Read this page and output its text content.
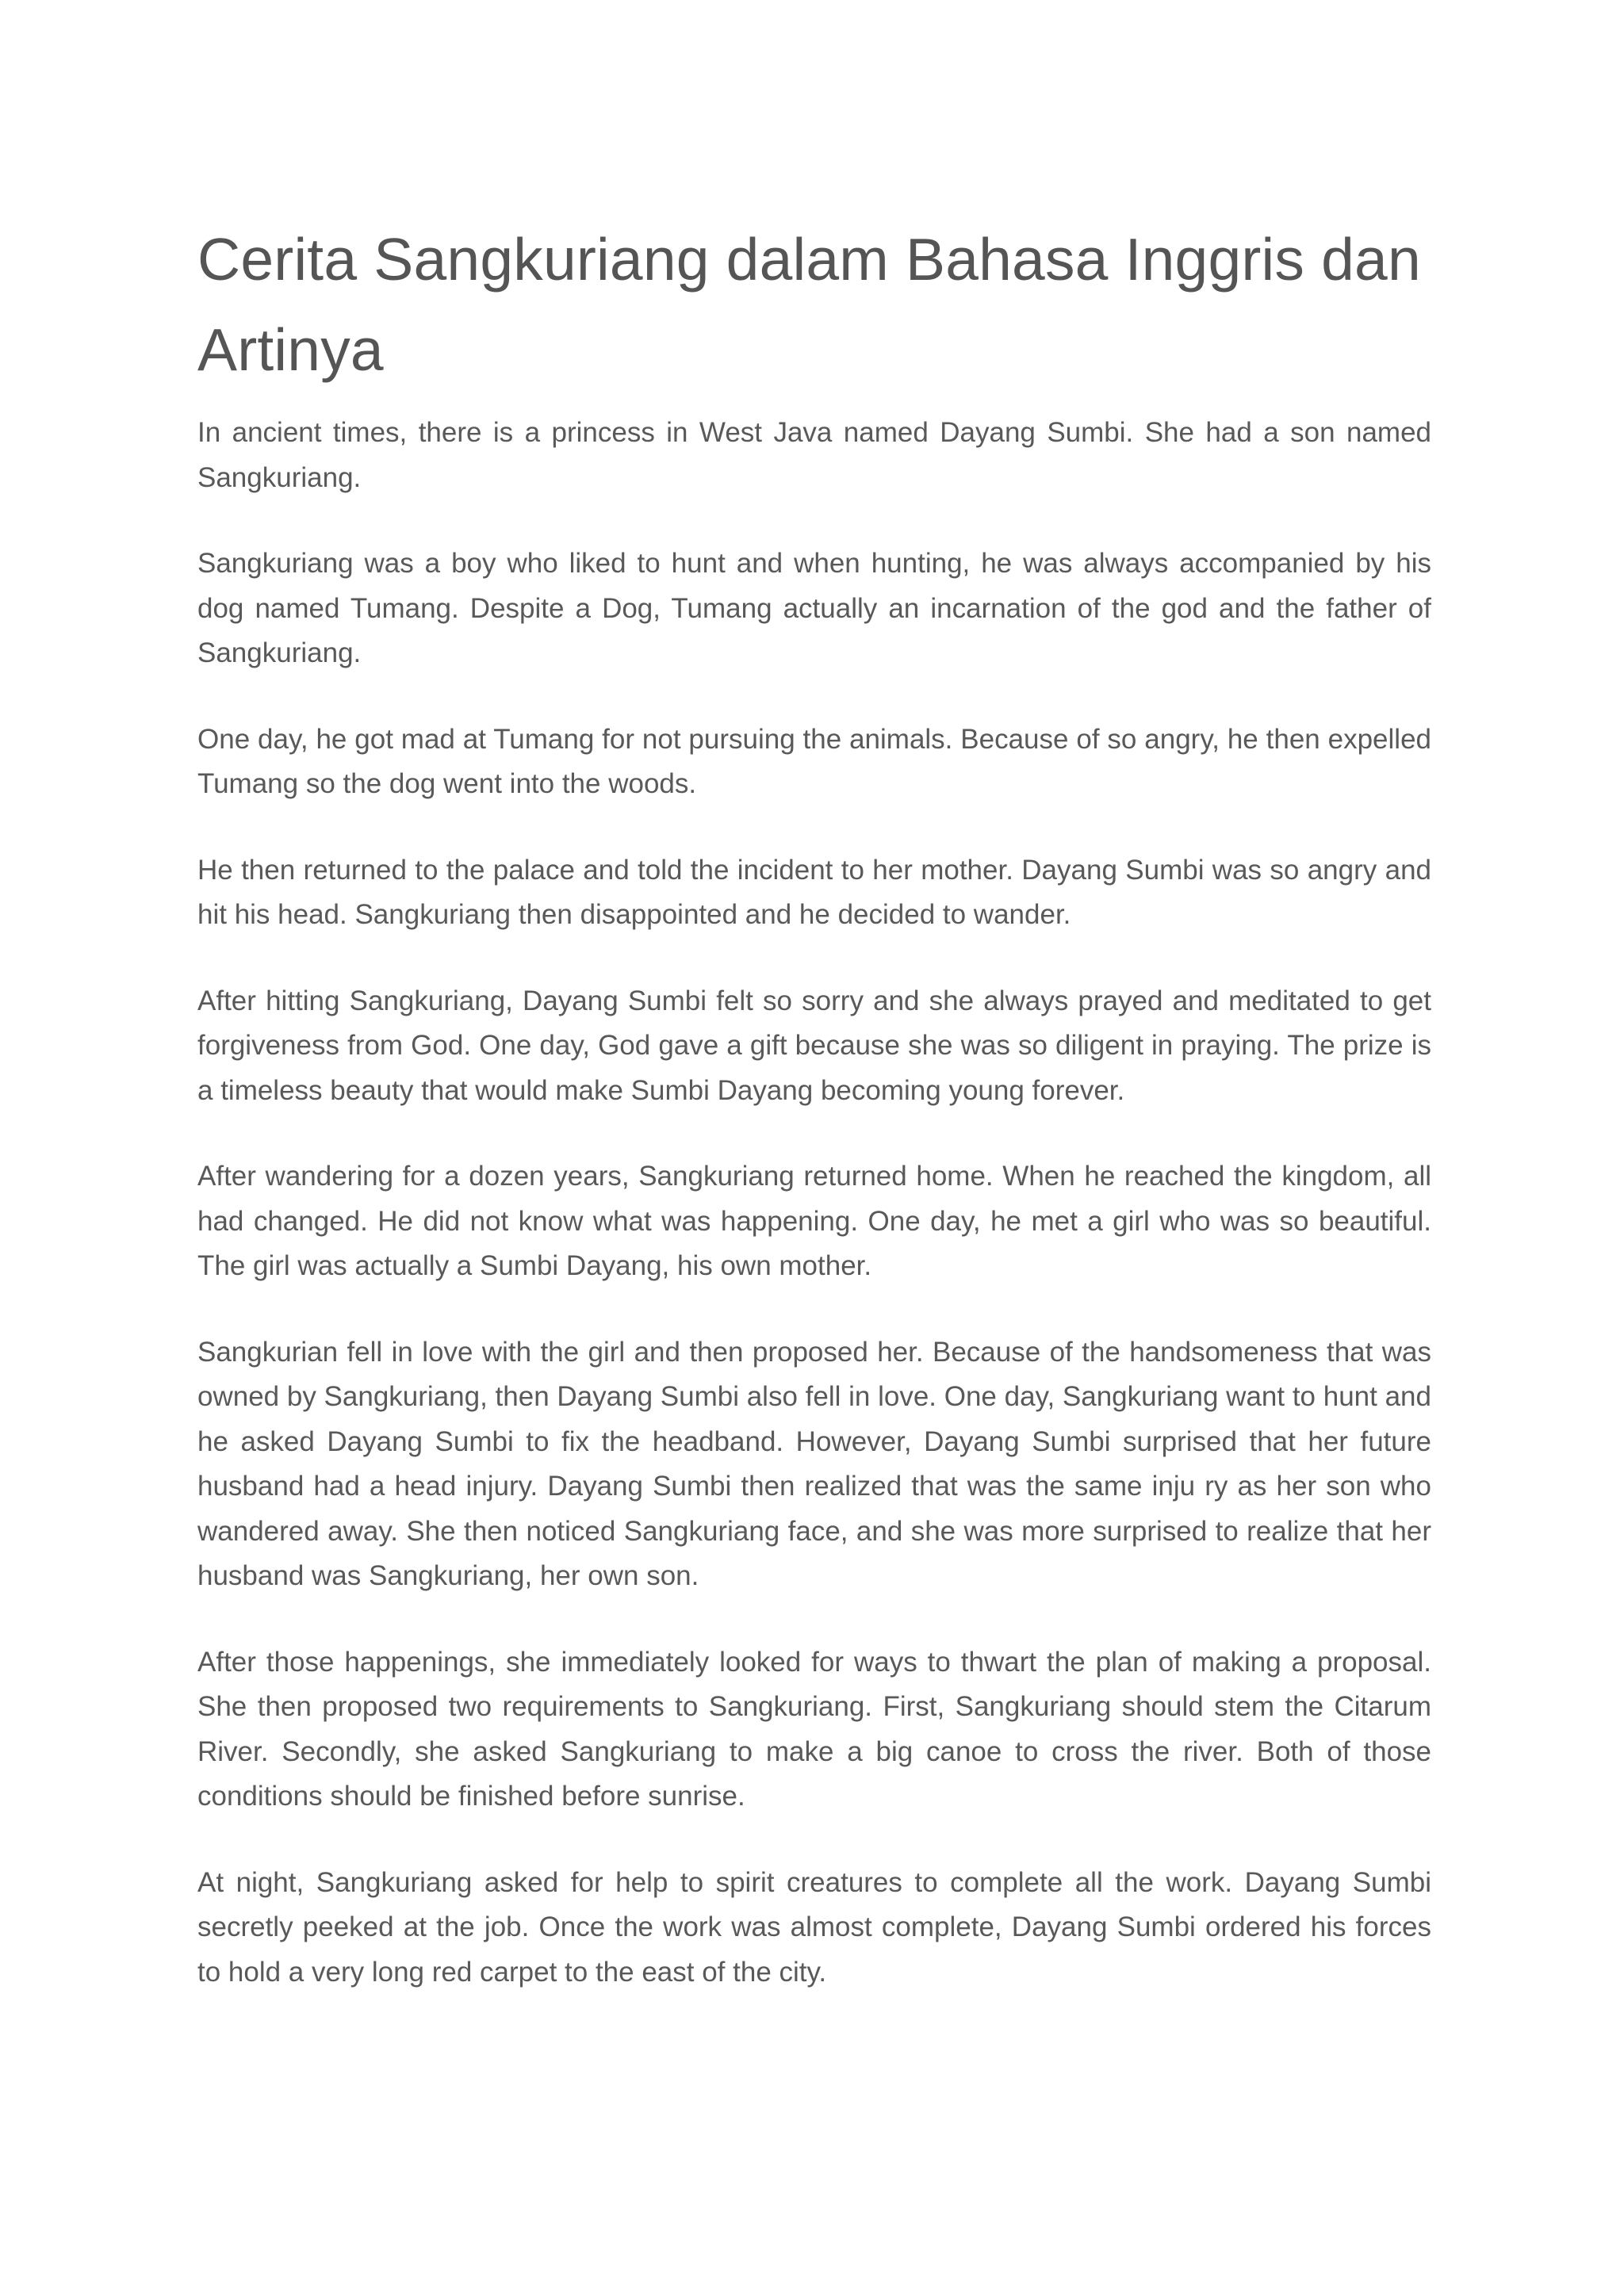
Cerita Sangkuriang dalam Bahasa Inggris dan Artinya

In ancient times, there is a princess in West Java named Dayang Sumbi. She had a son named Sangkuriang.

Sangkuriang was a boy who liked to hunt and when hunting, he was always accompanied by his dog named Tumang. Despite a Dog, Tumang actually an incarnation of the god and the father of Sangkuriang.

One day, he got mad at Tumang for not pursuing the animals. Because of so angry, he then expelled Tumang so the dog went into the woods.

He then returned to the palace and told the incident to her mother. Dayang Sumbi was so angry and hit his head. Sangkuriang then disappointed and he decided to wander.

After hitting Sangkuriang, Dayang Sumbi felt so sorry and she always prayed and meditated to get forgiveness from God. One day, God gave a gift because she was so diligent in praying. The prize is a timeless beauty that would make Sumbi Dayang becoming young forever.

After wandering for a dozen years, Sangkuriang returned home. When he reached the kingdom, all had changed. He did not know what was happening. One day, he met a girl who was so beautiful. The girl was actually a Sumbi Dayang, his own mother.

Sangkurian fell in love with the girl and then proposed her. Because of the handsomeness that was owned by Sangkuriang, then Dayang Sumbi also fell in love. One day, Sangkuriang want to hunt and he asked Dayang Sumbi to fix the headband. However, Dayang Sumbi surprised that her future husband had a head injury. Dayang Sumbi then realized that was the same inju ry as her son who wandered away. She then noticed Sangkuriang face, and she was more surprised to realize that her husband was Sangkuriang, her own son.

After those happenings, she immediately looked for ways to thwart the plan of making a proposal. She then proposed two requirements to Sangkuriang. First, Sangkuriang should stem the Citarum River. Secondly, she asked Sangkuriang to make a big canoe to cross the river. Both of those conditions should be finished before sunrise.

At night, Sangkuriang asked for help to spirit creatures to complete all the work. Dayang Sumbi secretly peeked at the job. Once the work was almost complete, Dayang Sumbi ordered his forces to hold a very long red carpet to the east of the city.
